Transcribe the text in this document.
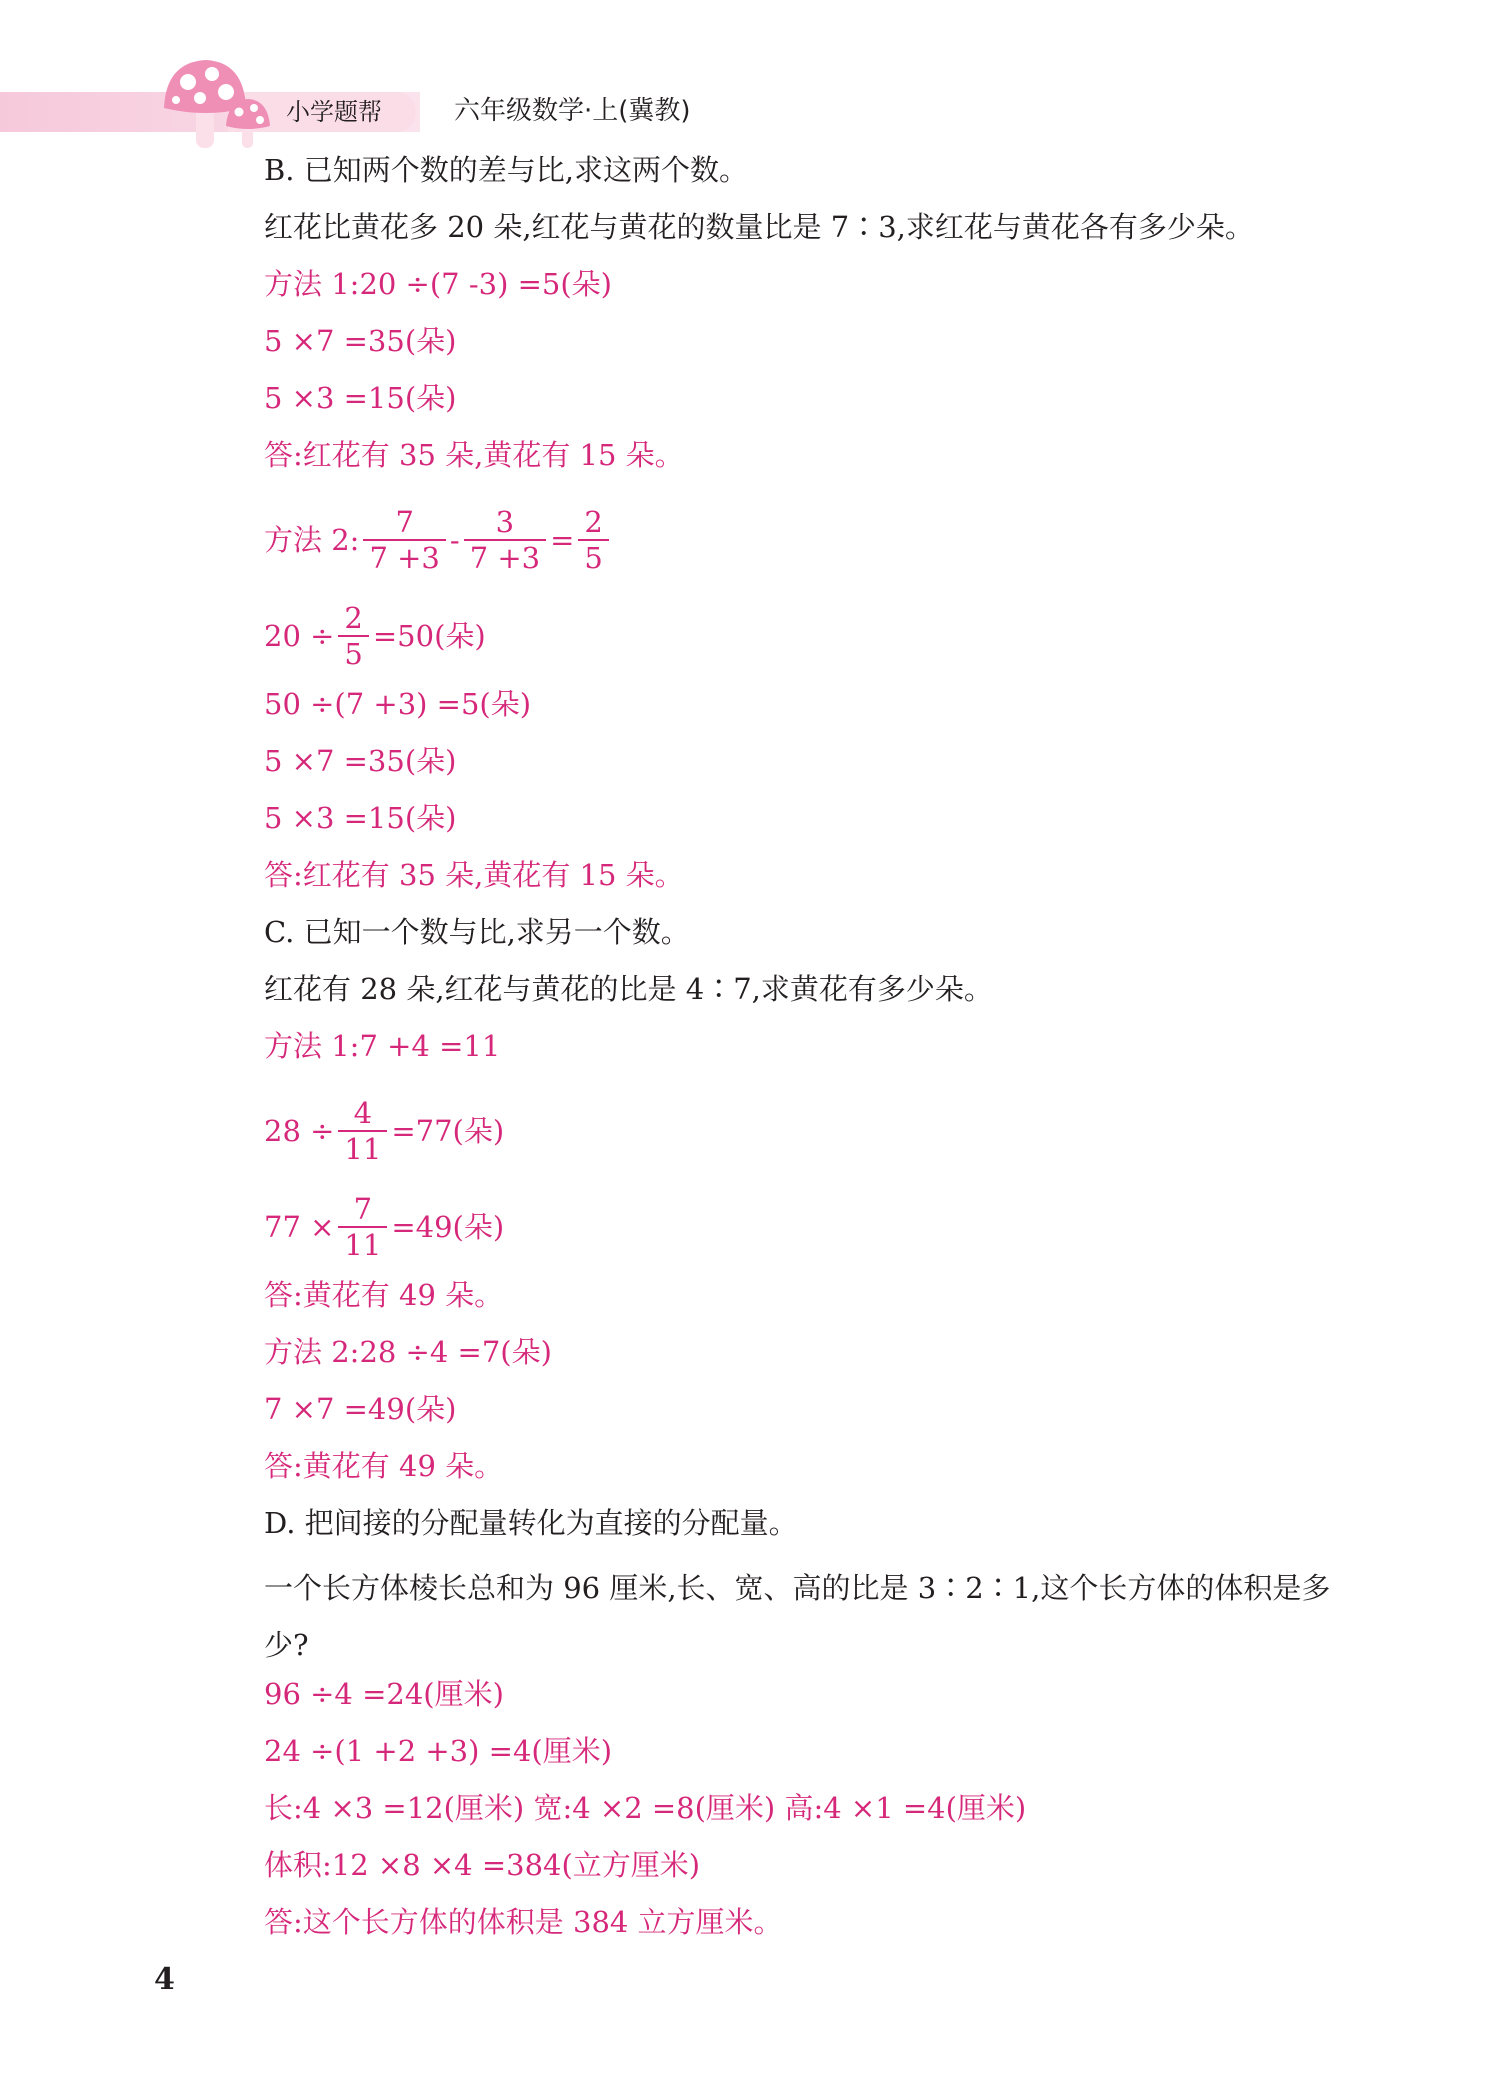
小学题帮	六年级数学·上(冀教)
B. 已知两个数的差与比,求这两个数。
红花比黄花多 20 朵,红花与黄花的数量比是 7∶3,求红花与黄花各有多少朵。
方法 1:20 ÷(7 -3) =5(朵)
5 ×7 =35(朵)
5 ×3 =15(朵)
答:红花有 35 朵,黄花有 15 朵。
方法 2: $\frac{7}{7 +3} - \frac{3}{7 +3} = \frac{2}{5}$
$20 \div \frac{2}{5} =50$(朵)
50 ÷(7 +3) =5(朵)
5 ×7 =35(朵)
5 ×3 =15(朵)
答:红花有 35 朵,黄花有 15 朵。
C. 已知一个数与比,求另一个数。
红花有 28 朵,红花与黄花的比是 4∶7,求黄花有多少朵。
方法 1:7 +4 =11
$28 \div \frac{4}{11} =77$(朵)
$77 \times \frac{7}{11} =49$(朵)
答:黄花有 49 朵。
方法 2:28 ÷4 =7(朵)
7 ×7 =49(朵)
答:黄花有 49 朵。
D. 把间接的分配量转化为直接的分配量。
一个长方体棱长总和为 96 厘米,长、宽、高的比是 3∶2∶1,这个长方体的体积是多少?
96 ÷4 =24(厘米)
24 ÷(1 +2 +3) =4(厘米)
长:4 ×3 =12(厘米) 宽:4 ×2 =8(厘米) 高:4 ×1 =4(厘米)
体积:12 ×8 ×4 =384(立方厘米)
答:这个长方体的体积是 384 立方厘米。
4
